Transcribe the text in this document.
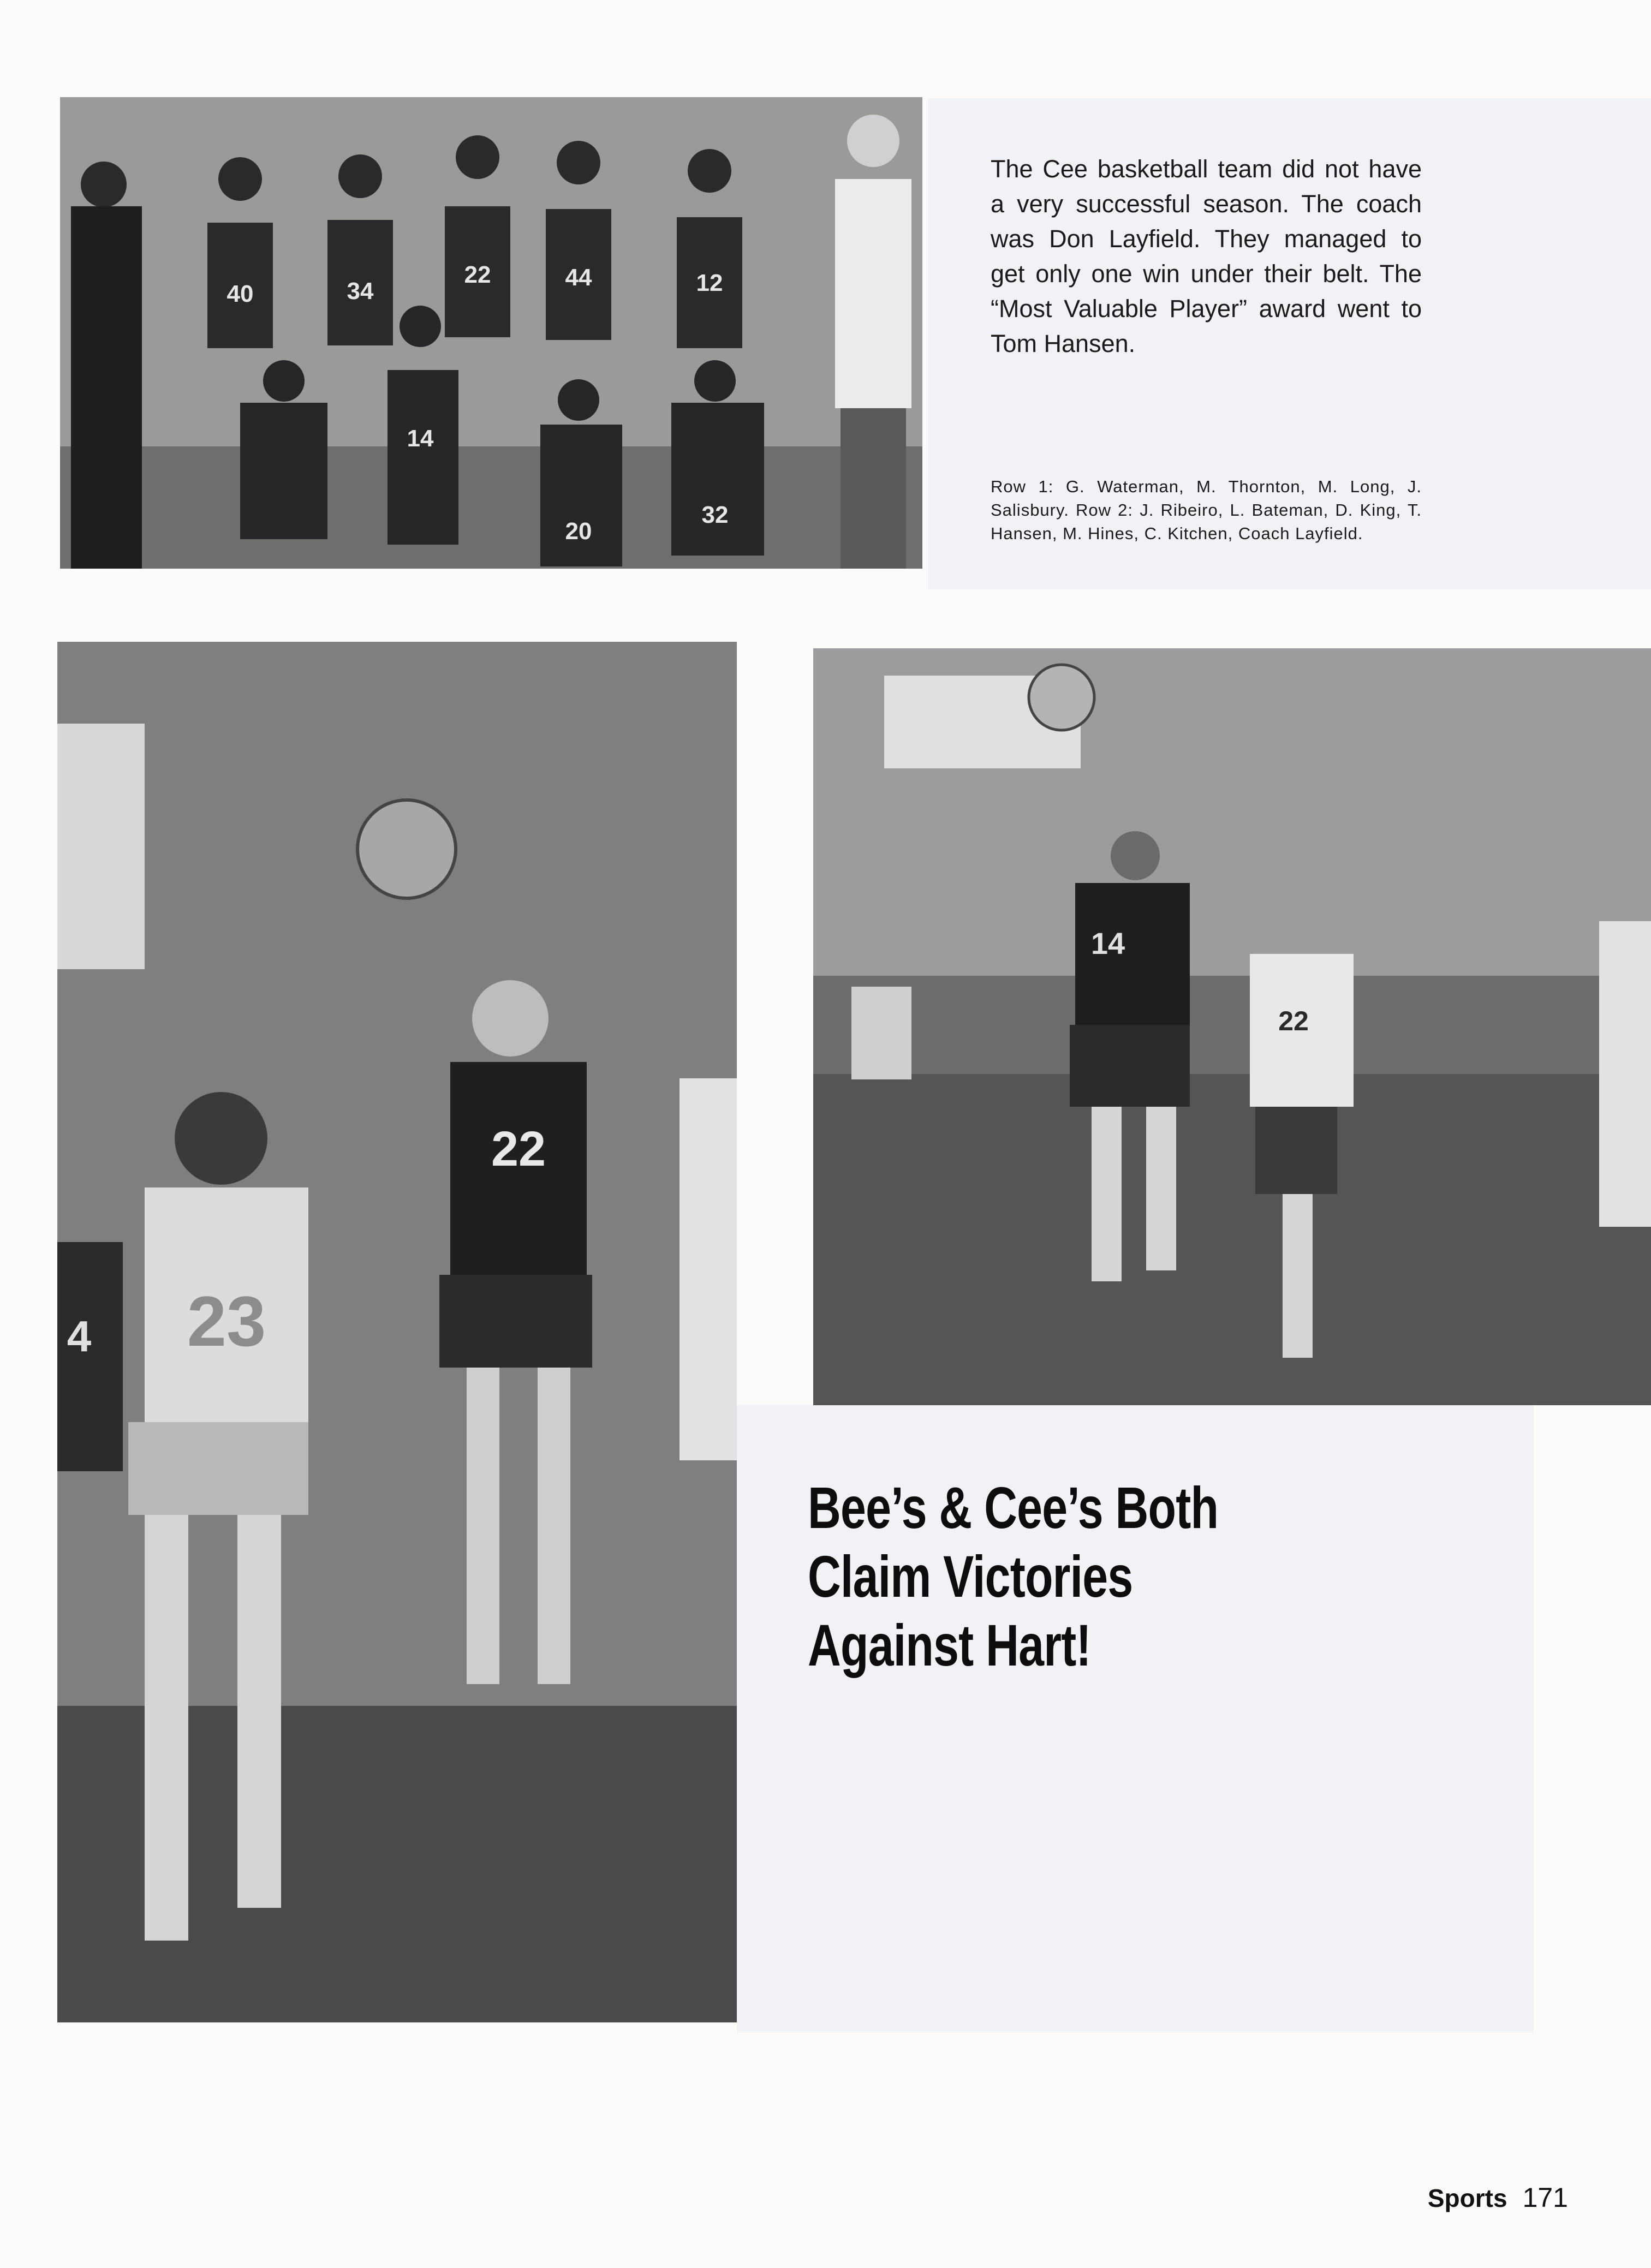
40	34
22	44	12
14
20
32
22
23
4
14
22

The Cee basketball team did not have a very successful season. The coach was Don Layfield. They managed to get only one win under their belt. The “Most Valuable Player” award went to Tom Hansen.

Row 1: G. Waterman, M. Thornton, M. Long, J. Salisbury. Row 2: J. Ribeiro, L. Bateman, D. King, T. Hansen, M. Hines, C. Kitchen, Coach Layfield.

Bee’s & Cee’s Both
Claim Victories
Against Hart!
Sports 171
